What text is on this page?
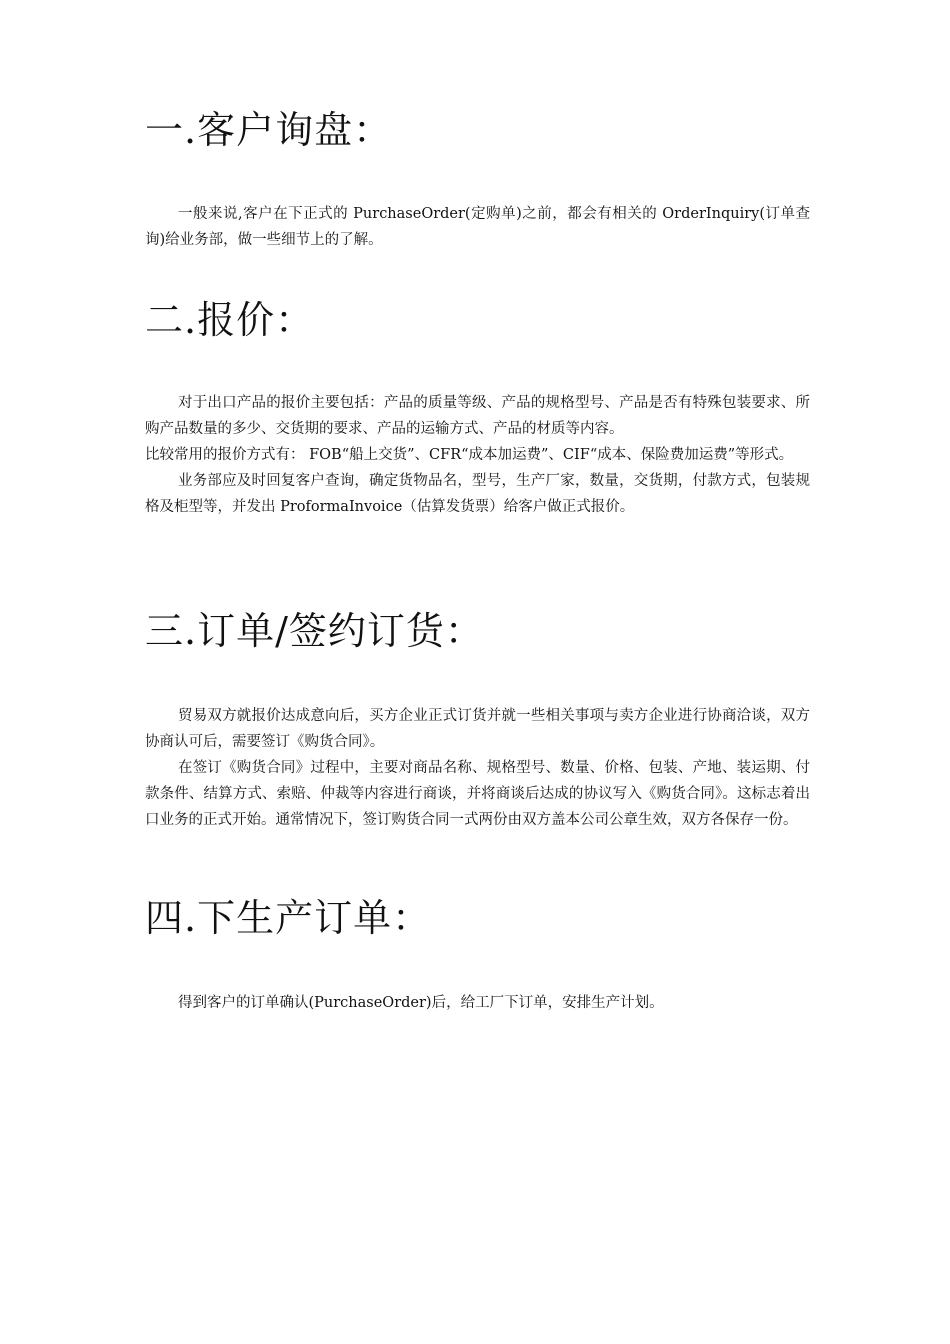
一.客户询盘：

一般来说,客户在下正式的 PurchaseOrder(定购单)之前，都会有相关的 OrderInquiry(订单查询)给业务部，做一些细节上的了解。

二.报价：

对于出口产品的报价主要包括：产品的质量等级、产品的规格型号、产品是否有特殊包装要求、所购产品数量的多少、交货期的要求、产品的运输方式、产品的材质等内容。

比较常用的报价方式有： FOB“船上交货”、CFR“成本加运费”、CIF“成本、保险费加运费”等形式。

业务部应及时回复客户查询，确定货物品名，型号，生产厂家，数量，交货期，付款方式，包装规格及柜型等，并发出 ProformaInvoice（估算发货票）给客户做正式报价。

三.订单/签约订货：

贸易双方就报价达成意向后，买方企业正式订货并就一些相关事项与卖方企业进行协商洽谈，双方协商认可后，需要签订《购货合同》。

在签订《购货合同》过程中，主要对商品名称、规格型号、数量、价格、包装、产地、装运期、付款条件、结算方式、索赔、仲裁等内容进行商谈，并将商谈后达成的协议写入《购货合同》。这标志着出口业务的正式开始。通常情况下，签订购货合同一式两份由双方盖本公司公章生效，双方各保存一份。

四.下生产订单：

得到客户的订单确认(PurchaseOrder)后，给工厂下订单，安排生产计划。
